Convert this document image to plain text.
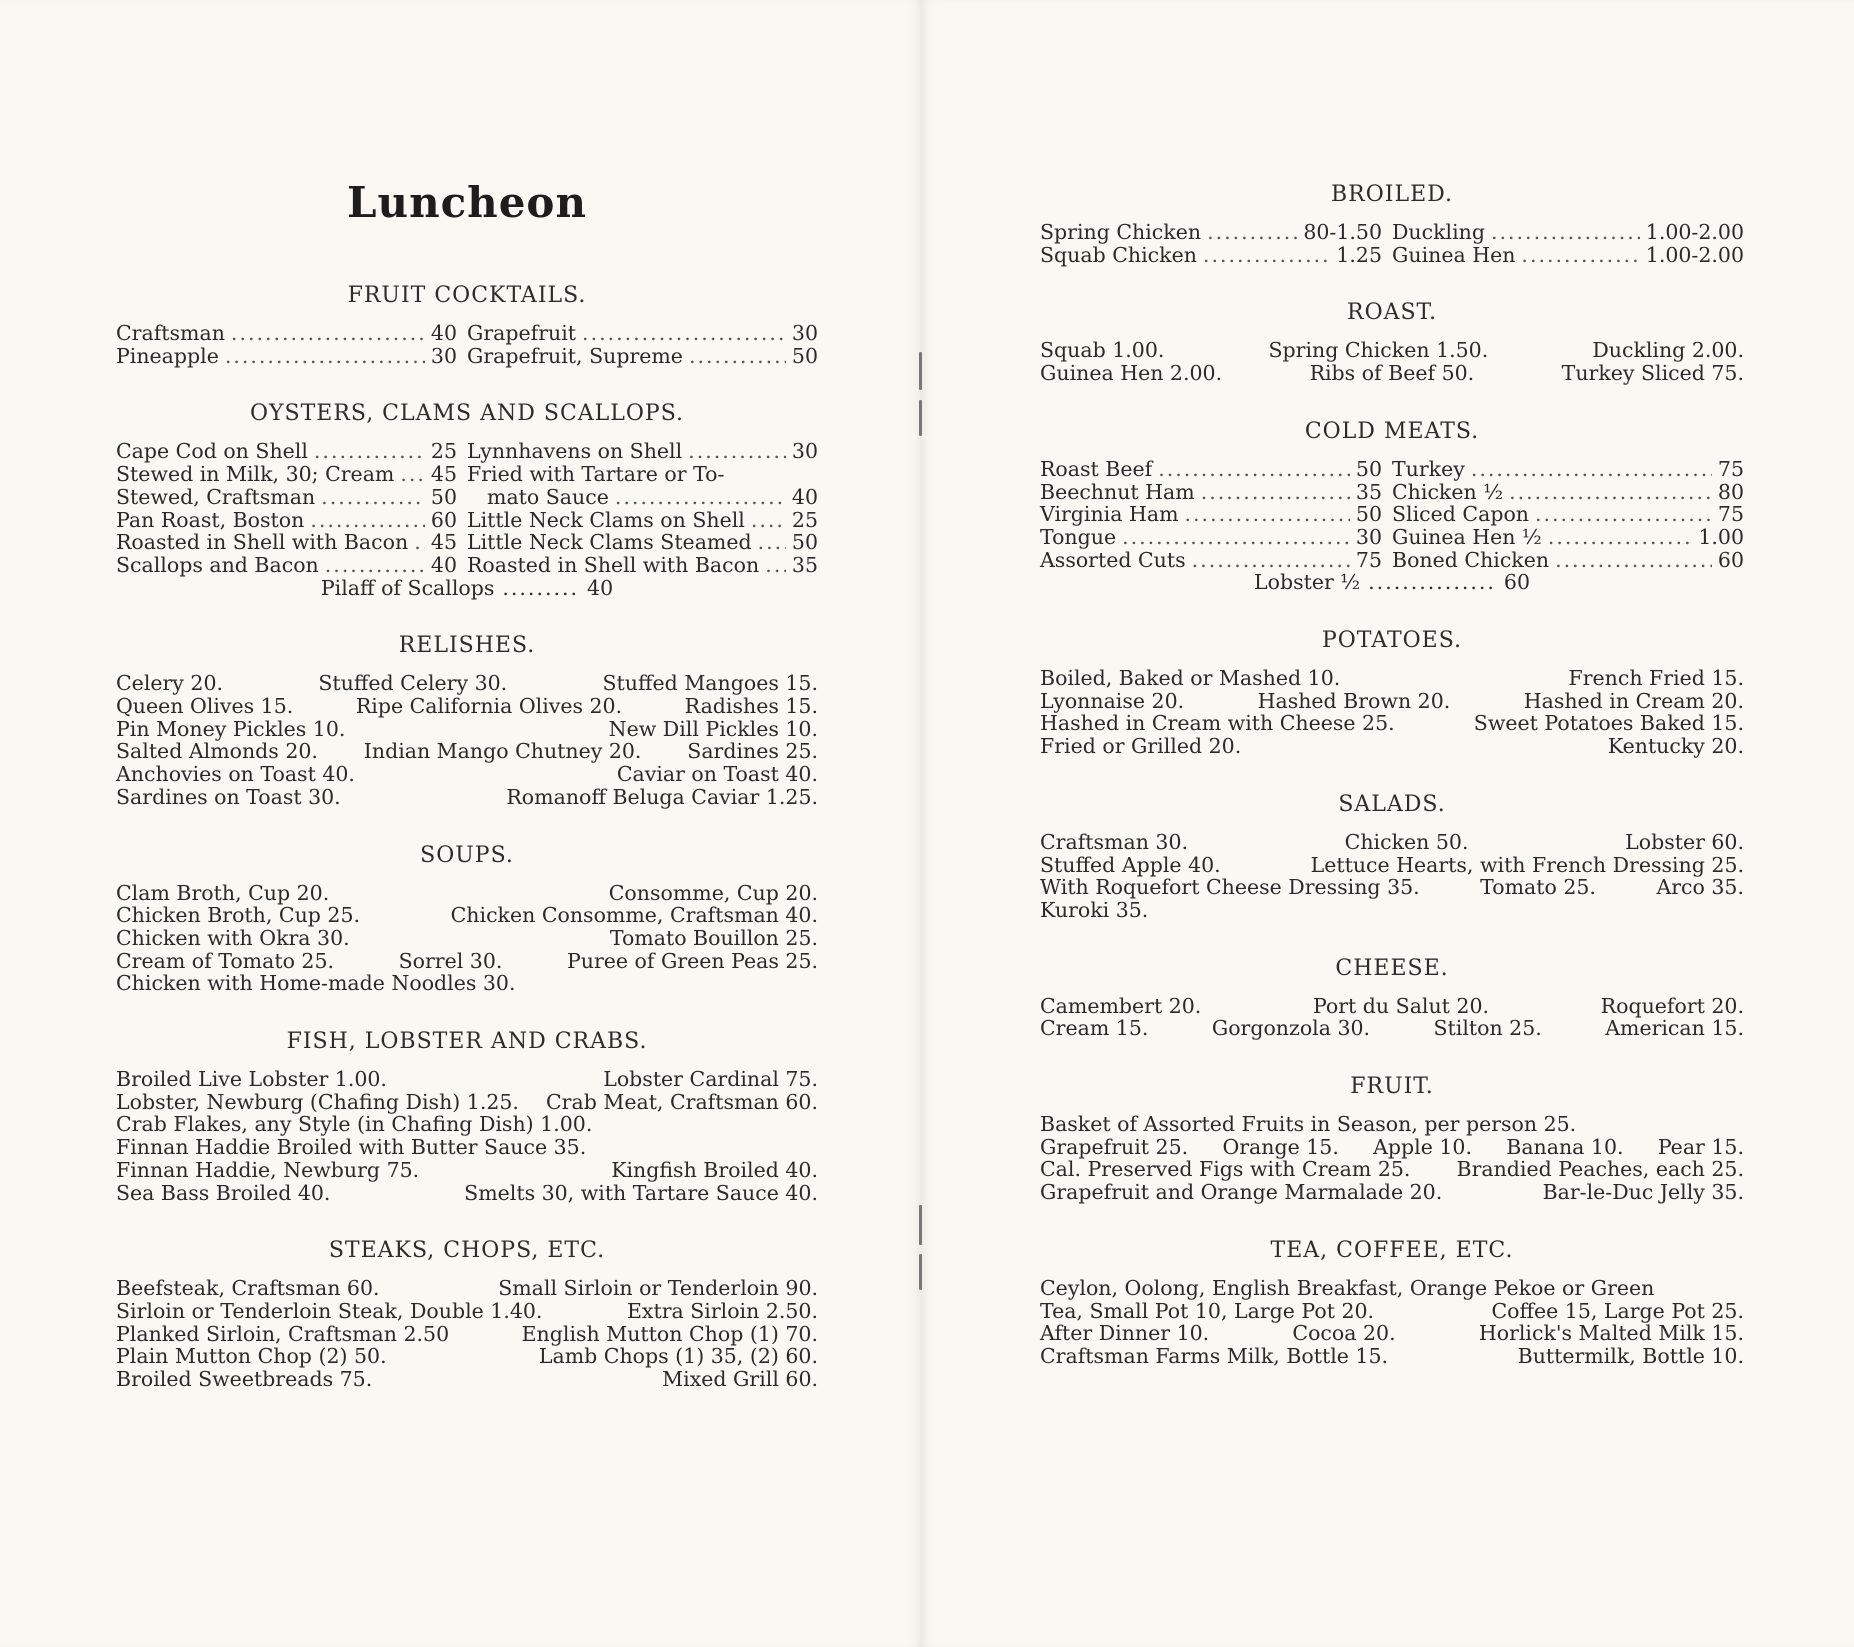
Luncheon
FRUIT COCKTAILS.
Craftsman .....	40 Grapefruit .....	30
Pineapple .....	30 Grapefruit, Supreme .....	50
OYSTERS, CLAMS AND SCALLOPS.
Cape Cod on Shell .....	25 Lynnhavens on Shell .....	30
Stewed in Milk, 30; Cream ..... 45 Fried with Tartare or To-
Stewed, Craftsman .....	50	mato Sauce .....	40
Pan Roast, Boston .....	60 Little Neck Clams on Shell ..... 25
Roasted in Shell with Bacon ..... 45 Little Neck Clams Steamed ..... 50
Scallops and Bacon .....	40 Roasted in Shell with Bacon ..... 35
Pilaff of Scallops ......... 40
RELISHES.
Celery 20.	Stuffed Celery 30.	Stuffed Mangoes 15.
Queen Olives 15.	Ripe California Olives 20.	Radishes 15.
Pin Money Pickles 10.	New Dill Pickles 10.
Salted Almonds 20. Indian Mango Chutney 20. Sardines 25.
Anchovies on Toast 40.	Caviar on Toast 40.
Sardines on Toast 30.	Romanoff Beluga Caviar 1.25.
SOUPS.
Clam Broth, Cup 20.	Consomme, Cup 20.
Chicken Broth, Cup 25.	Chicken Consomme, Craftsman 40.
Chicken with Okra 30.	Tomato Bouillon 25.
Cream of Tomato 25.	Sorrel 30.	Puree of Green Peas 25.
Chicken with Home-made Noodles 30.
FISH, LOBSTER AND CRABS.
Broiled Live Lobster 1.00.	Lobster Cardinal 75.
Lobster, Newburg (Chafing Dish) 1.25. Crab Meat, Craftsman 60.
Crab Flakes, any Style (in Chafing Dish) 1.00.
Finnan Haddie Broiled with Butter Sauce 35.
Finnan Haddie, Newburg 75.	Kingfish Broiled 40.
Sea Bass Broiled 40.	Smelts 30, with Tartare Sauce 40.
STEAKS, CHOPS, ETC.
Beefsteak, Craftsman 60.	Small Sirloin or Tenderloin 90.
Sirloin or Tenderloin Steak, Double 1.40.	Extra Sirloin 2.50.
Planked Sirloin, Craftsman 2.50	English Mutton Chop (1) 70.
Plain Mutton Chop (2) 50.	Lamb Chops (1) 35, (2) 60.
Broiled Sweetbreads 75.	Mixed Grill 60.
BROILED.
Spring Chicken .....	80-1.50 Duckling .....	1.00-2.00
Squab Chicken .....	1.25 Guinea Hen .....	1.00-2.00
ROAST.
Squab 1.00.	Spring Chicken 1.50.	Duckling 2.00.
Guinea Hen 2.00.	Ribs of Beef 50.	Turkey Sliced 75.
COLD MEATS.
Roast Beef .....	50 Turkey .....	75
Beechnut Ham .....	35 Chicken ½ .....	80
Virginia Ham .....	50 Sliced Capon .....	75
Tongue .....	30 Guinea Hen ½ .....	1.00
Assorted Cuts .....	75 Boned Chicken .....	60
Lobster ½ ............... 60
POTATOES.
Boiled, Baked or Mashed 10.	French Fried 15.
Lyonnaise 20.	Hashed Brown 20.	Hashed in Cream 20.
Hashed in Cream with Cheese 25.	Sweet Potatoes Baked 15.
Fried or Grilled 20.	Kentucky 20.
SALADS.
Craftsman 30.	Chicken 50.	Lobster 60.
Stuffed Apple 40.	Lettuce Hearts, with French Dressing 25.
With Roquefort Cheese Dressing 35.	Tomato 25.	Arco 35.
Kuroki 35.
CHEESE.
Camembert 20.	Port du Salut 20.	Roquefort 20.
Cream 15.	Gorgonzola 30.	Stilton 25.	American 15.
FRUIT.
Basket of Assorted Fruits in Season, per person 25.
Grapefruit 25. Orange 15. Apple 10. Banana 10. Pear 15.
Cal. Preserved Figs with Cream 25. Brandied Peaches, each 25.
Grapefruit and Orange Marmalade 20.	Bar-le-Duc Jelly 35.
TEA, COFFEE, ETC.
Ceylon, Oolong, English Breakfast, Orange Pekoe or Green
Tea, Small Pot 10, Large Pot 20.	Coffee 15, Large Pot 25.
After Dinner 10.	Cocoa 20.	Horlick's Malted Milk 15.
Craftsman Farms Milk, Bottle 15.	Buttermilk, Bottle 10.
